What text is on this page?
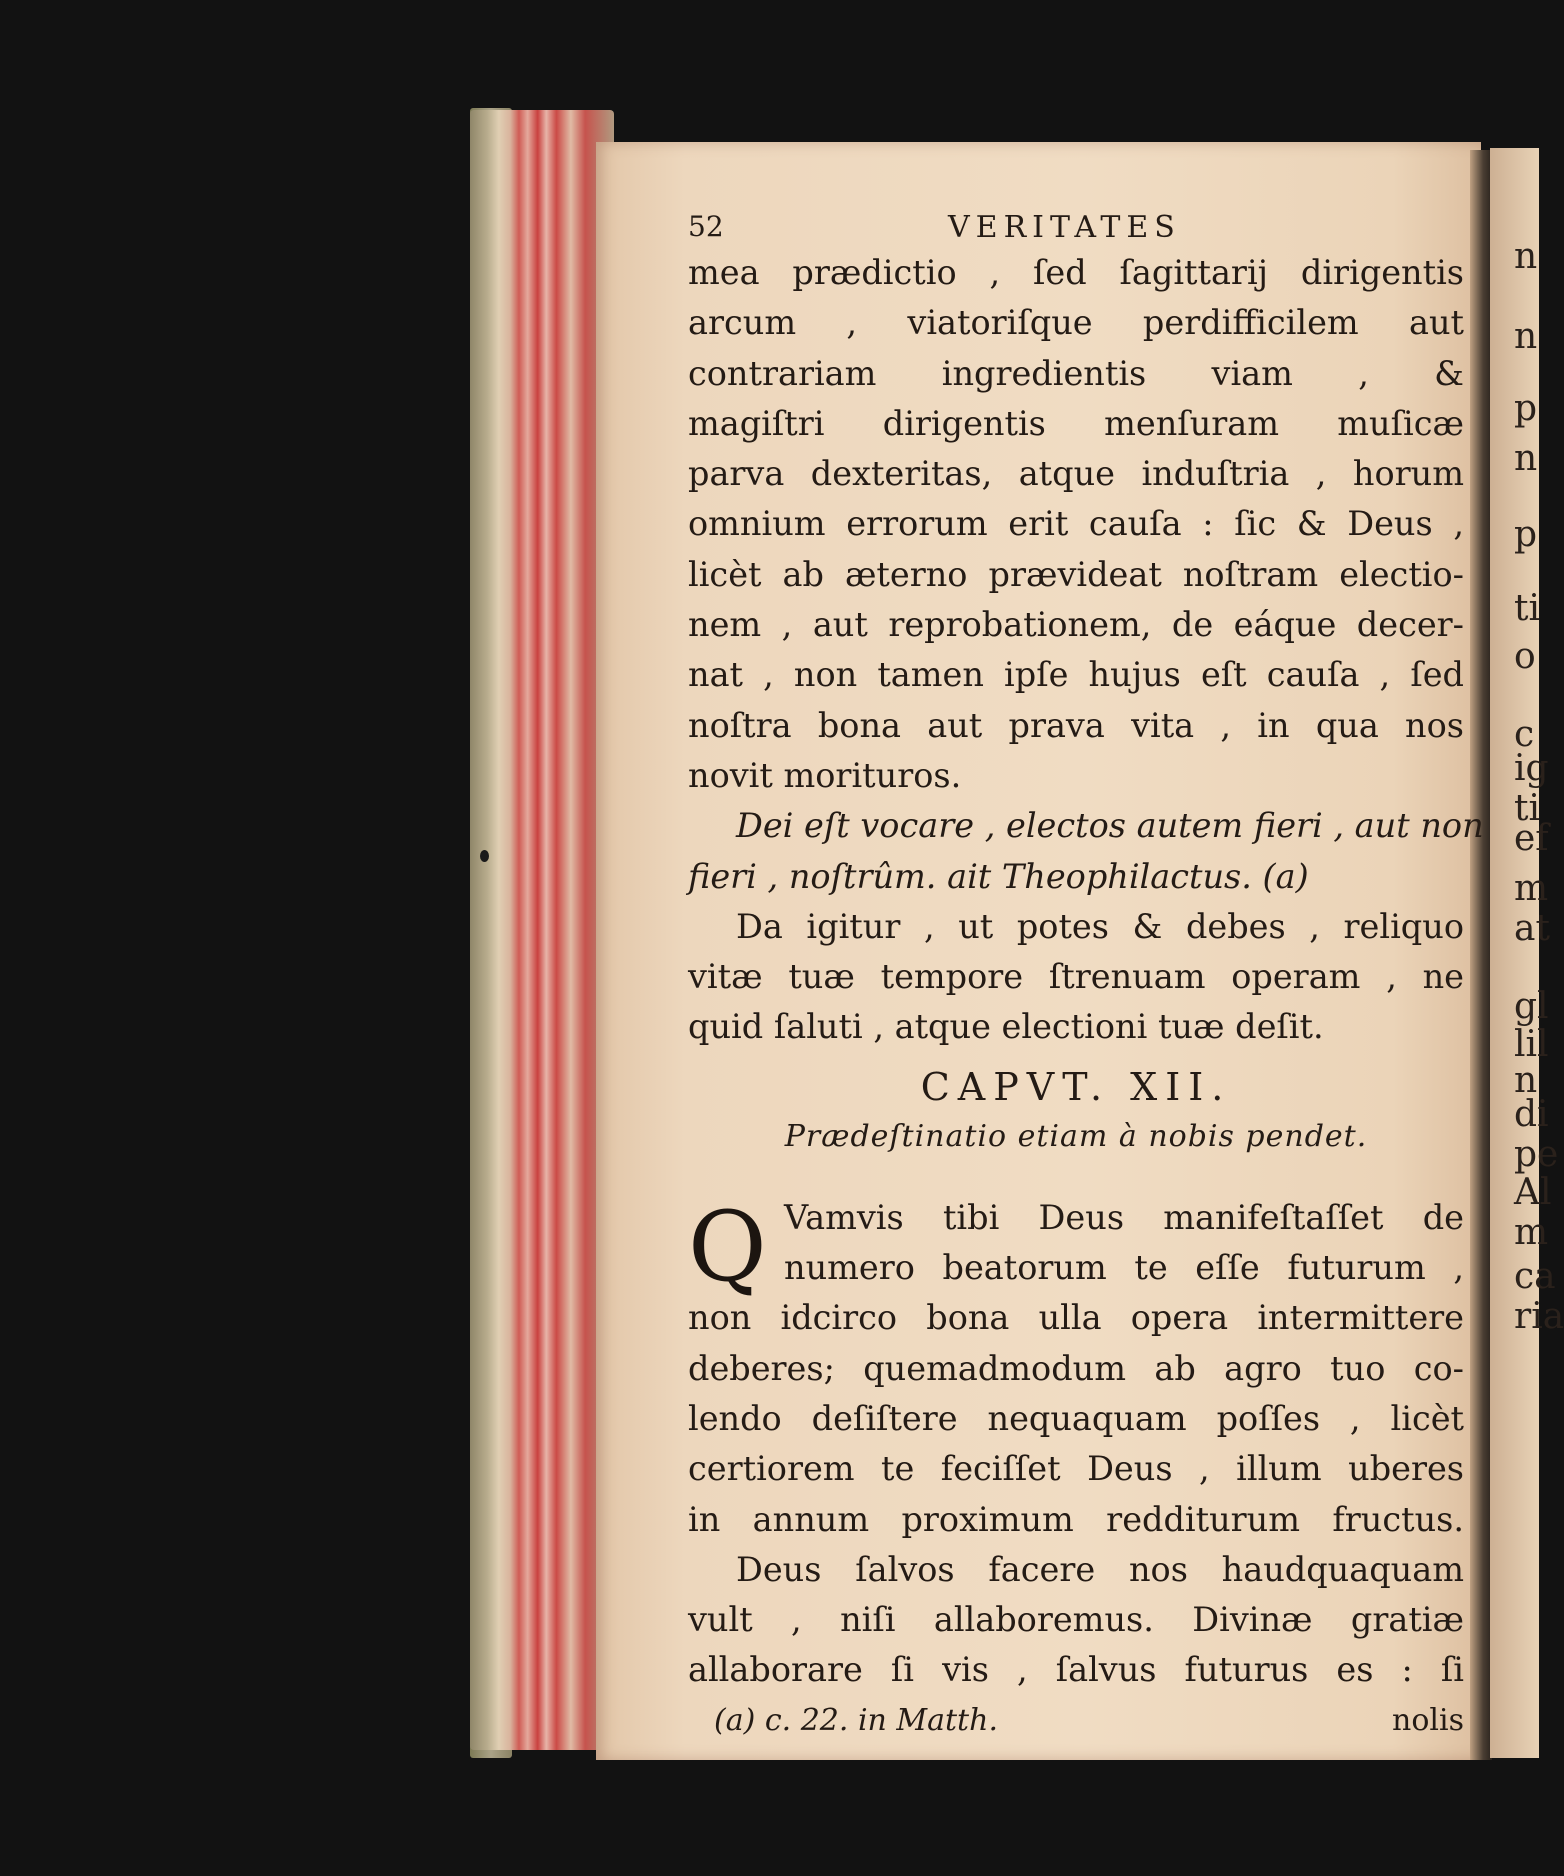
n
n
p
n
p
ti
o
c
ig
ti
ef
m
at
gl
lil
n
di
pe
Al
m
ca
ria
52	VERITATES
mea prædictio , ſed ſagittarij dirigentis
arcum , viatoriſque perdifficilem aut
contrariam ingredientis viam , &
magiſtri dirigentis menſuram muſicæ
parva dexteritas, atque induſtria , horum
omnium errorum erit cauſa : ſic & Deus ,
licèt ab æterno prævideat noſtram electio-
nem , aut reprobationem, de eáque decer-
nat , non tamen ipſe hujus eſt cauſa , ſed
noſtra bona aut prava vita , in qua nos
novit morituros.
Dei eſt vocare , electos autem fieri , aut non
fieri , noſtrûm. ait Theophilactus. (a)
Da igitur , ut potes & debes , reliquo
vitæ tuæ tempore ſtrenuam operam , ne
quid ſaluti , atque electioni tuæ deſit.
CAPVT. XII.
Prædeſtinatio etiam à nobis pendet.
Q Vamvis tibi Deus manifeſtaſſet de
numero beatorum te eſſe futurum ,
non idcirco bona ulla opera intermittere
deberes; quemadmodum ab agro tuo co-
lendo deſiſtere nequaquam poſſes , licèt
certiorem te feciſſet Deus , illum uberes
in annum proximum redditurum fructus.
Deus ſalvos facere nos haudquaquam
vult , niſi allaboremus. Divinæ gratiæ
allaborare ſi vis , ſalvus futurus es : ſi
(a) c. 22. in Matth.	nolis
